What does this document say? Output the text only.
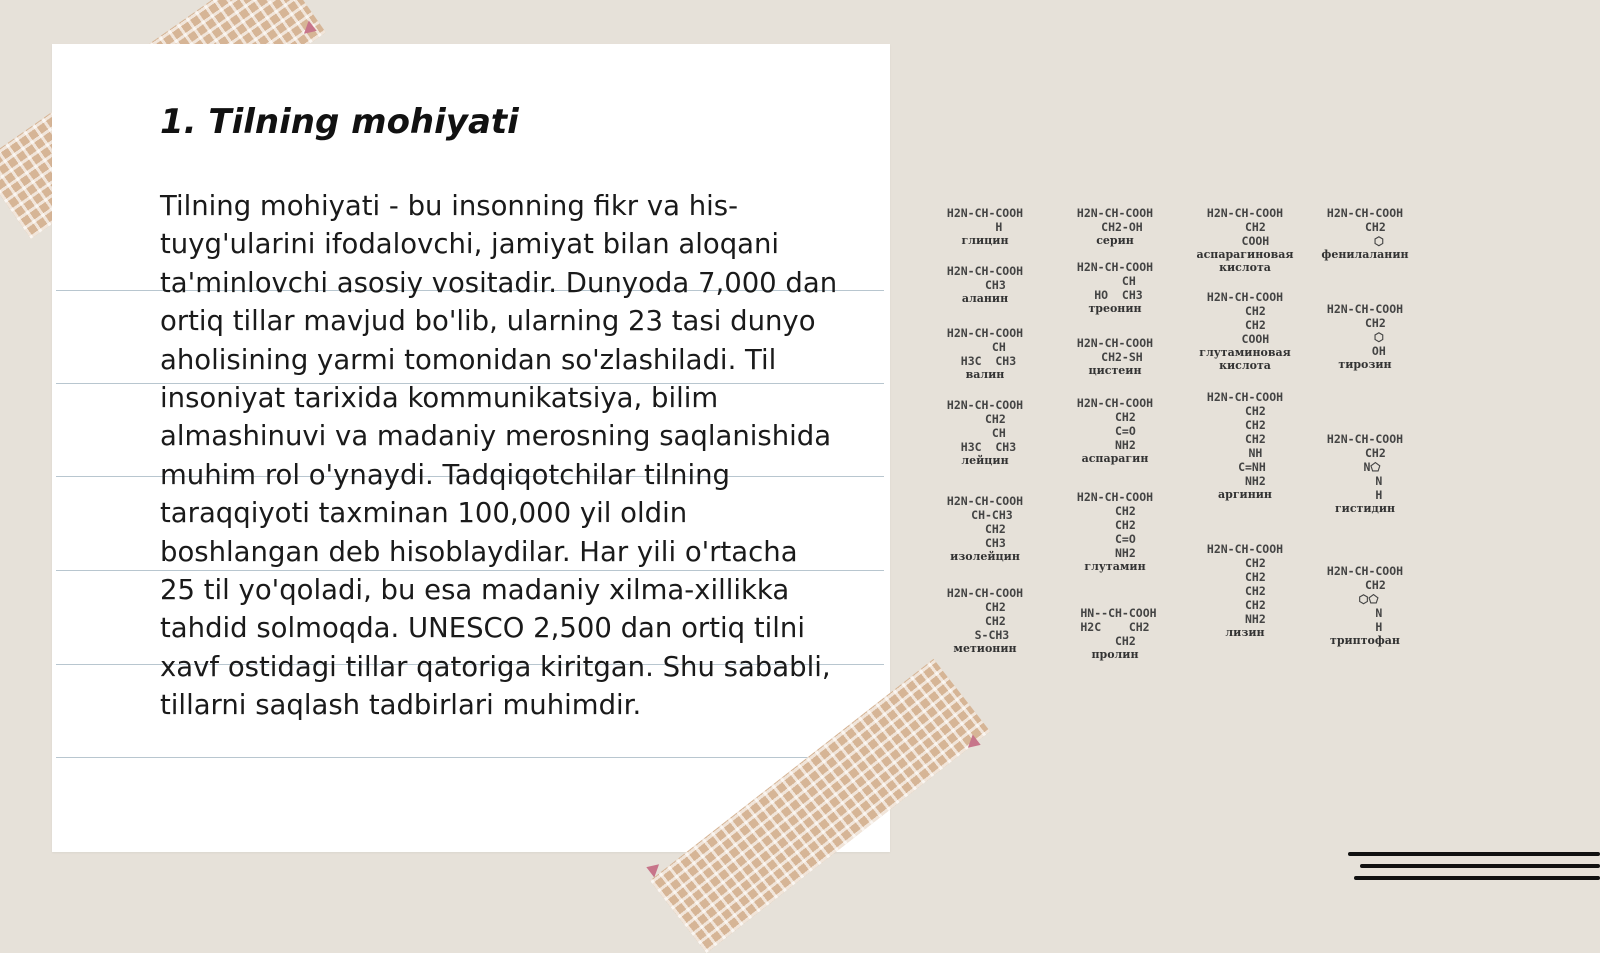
1. Tilning mohiyati

Tilning mohiyati - bu insonning fikr va his-tuyg'ularini ifodalovchi, jamiyat bilan aloqani ta'minlovchi asosiy vositadir. Dunyoda 7,000 dan ortiq tillar mavjud bo'lib, ularning 23 tasi dunyo aholisining yarmi tomonidan so'zlashiladi. Til insoniyat tarixida kommunikatsiya, bilim almashinuvi va madaniy merosning saqlanishida muhim rol o'ynaydi. Tadqiqotchilar tilning taraqqiyoti taxminan 100,000 yil oldin boshlangan deb hisoblaydilar. Har yili o'rtacha 25 til yo'qoladi, bu esa madaniy xilma-xillikka tahdid solmoqda. UNESCO 2,500 dan ortiq tilni xavf ostidagi tillar qatoriga kiritgan. Shu sababli, tillarni saqlash tadbirlari muhimdir.

H2N-CH-COOH
H
глицин
H2N-CH-COOH
CH3
аланин
H2N-CH-COOH
CH
H3C  CH3
валин
H2N-CH-COOH
CH2
CH
H3C  CH3
лейцин
H2N-CH-COOH
CH-CH3
CH2
CH3
изолейцин
H2N-CH-COOH
CH2
CH2
S-CH3
метионин
H2N-CH-COOH
CH2-OH
серин
H2N-CH-COOH
CH
HO  CH3
треонин
H2N-CH-COOH
CH2-SH
цистеин
H2N-CH-COOH
CH2
C=O
NH2
аспарагин
H2N-CH-COOH
CH2
CH2
C=O
NH2
глутамин
HN--CH-COOH
H2C    CH2
CH2
пролин
H2N-CH-COOH
CH2
COOH
аспарагиновая кислота
H2N-CH-COOH
CH2
CH2
COOH
глутаминовая кислота
H2N-CH-COOH
CH2
CH2
CH2
NH
C=NH
NH2
аргинин
H2N-CH-COOH
CH2
CH2
CH2
CH2
NH2
лизин
H2N-CH-COOH
CH2
⬡
фенилаланин
H2N-CH-COOH
CH2
⬡
OH
тирозин
H2N-CH-COOH
CH2
N⬠
N
H
гистидин
H2N-CH-COOH
CH2
⬡⬠
N
H
триптофан
